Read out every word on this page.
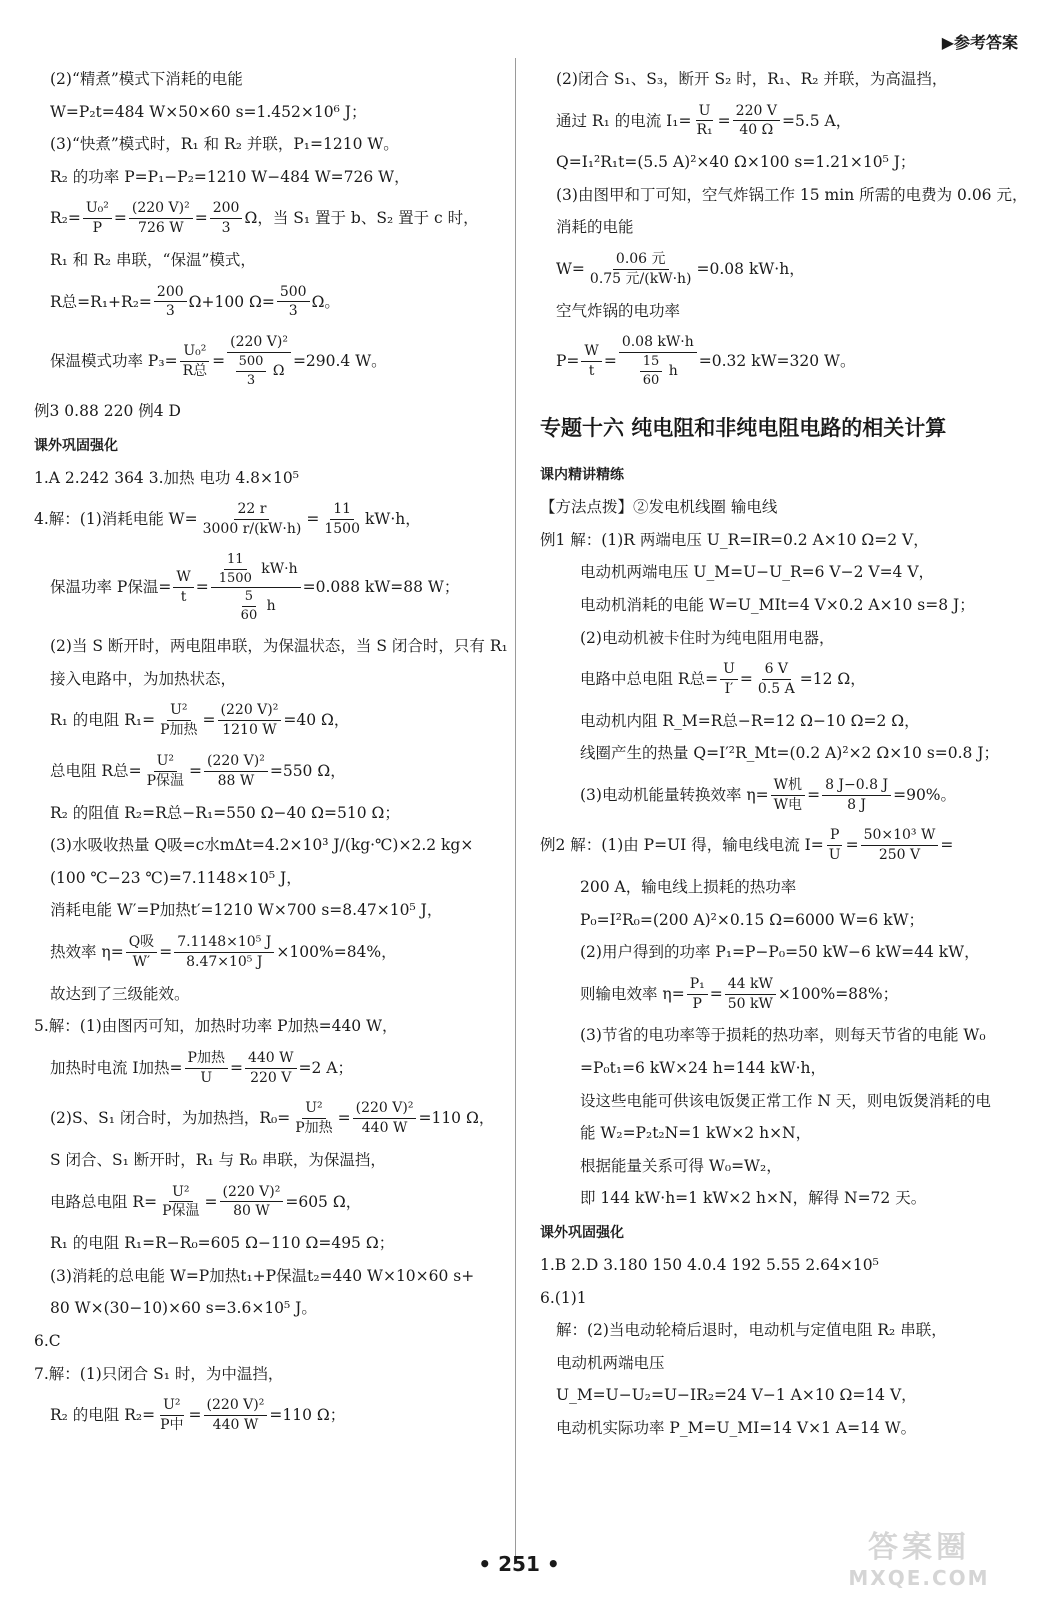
▶参考答案
(2)“精煮”模式下消耗的电能
W=P₂t=484 W×50×60 s=1.452×10⁶ J；
(3)“快煮”模式时，R₁ 和 R₂ 并联，P₁=1210 W。
R₂ 的功率 P=P₁−P₂=1210 W−484 W=726 W，
$R_2= \frac{\text{U₀²}}{P} = \frac{\text{(220 V)²}}{726 W} = \frac{200}{3}$ Ω，当 S₁ 置于 b、S₂ 置于 c 时，
R₁ 和 R₂ 串联，“保温”模式，
R总$=R_1+R_2= \frac{200}{3} \Omega+100$ $\Omega= \frac{500}{3}$ Ω。
保温模式功率 $P_3= \frac{\text{U₀²}}{\text{R总}} = \frac{\text{(220 V)²}}{\frac{500}{3} \Omega} =290.4$ W。
例3 0.88 220 例4 D
课外巩固强化
1.A 2.242 364 3.加热 电功 4.8×10⁵
4.解：(1)消耗电能 $W= \frac{22 r}{3000 r/(kW\cdot h)} = \frac{11}{1500} kW\cdot h$，
保温功率 P保温= $\frac{W}{t} = \frac{\frac{11}{1500} kW\cdot h}{\frac{5}{60} h} =0.088$ kW=88 W；
(2)当 S 断开时，两电阻串联，为保温状态，当 S 闭合时，只有 R₁
接入电路中，为加热状态，
R₁ 的电阻 $R_1= \frac{\text{U²}}{\text{P加热}} = \frac{\text{(220 V)²}}{1210 W} =40$ Ω，
总电阻 R总= $\frac{\text{U²}}{\text{P保温}} = \frac{\text{(220 V)²}}{88 W} =550$ Ω，
R₂ 的阻值 R₂=R总−R₁=550 Ω−40 Ω=510 Ω；
(3)水吸收热量 Q吸=c水mΔt=4.2×10³ J/(kg·℃)×2.2 kg×
(100 ℃−23 ℃)=7.1148×10⁵ J，
消耗电能 W′=P加热t′=1210 W×700 s=8.47×10⁵ J，
热效率 $\eta= \frac{\text{Q吸}}{W'} = \frac{\text{7.1148×10⁵ J}}{\text{8.47×10⁵ J}} \times 100\%=84\%$，
故达到了三级能效。
5.解：(1)由图丙可知，加热时功率 P加热=440 W，
加热时电流 I加热= $\frac{\text{P加热}}{U} = \frac{440 W}{220 V} =2$ A；
(2)S、S₁ 闭合时，为加热挡，$R_0= \frac{\text{U²}}{\text{P加热}} = \frac{\text{(220 V)²}}{440 W} =110$ Ω，
S 闭合、S₁ 断开时，R₁ 与 R₀ 串联，为保温挡，
电路总电阻 $R= \frac{\text{U²}}{\text{P保温}} = \frac{\text{(220 V)²}}{80 W} =605$ Ω，
R₁ 的电阻 R₁=R−R₀=605 Ω−110 Ω=495 Ω；
(3)消耗的总电能 W=P加热t₁+P保温t₂=440 W×10×60 s+
80 W×(30−10)×60 s=3.6×10⁵ J。
6.C
7.解：(1)只闭合 S₁ 时，为中温挡，
R₂ 的电阻 $R_2= \frac{\text{U²}}{\text{P中}} = \frac{\text{(220 V)²}}{440 W} =110$ Ω；
(2)闭合 S₁、S₃，断开 S₂ 时，R₁、R₂ 并联，为高温挡，
通过 R₁ 的电流 $I_1= \frac{U}{\text{R₁}} = \frac{220 V}{40 \Omega} =5.5$ A，
Q=I₁²R₁t=(5.5 A)²×40 Ω×100 s=1.21×10⁵ J；
(3)由图甲和丁可知，空气炸锅工作 15 min 所需的电费为 0.06 元，
消耗的电能
$W= \frac{\text{0.06 元}}{\text{0.75 元/(kW·h)}} =0.08$ kW·h，
空气炸锅的电功率
$P= \frac{W}{t} = \frac{0.08 kW\cdot h}{\frac{15}{60} h} =0.32$ kW=320 W。
专题十六 纯电阻和非纯电阻电路的相关计算
课内精讲精练
【方法点拨】②发电机线圈 输电线
例1 解：(1)R 两端电压 U_R=IR=0.2 A×10 Ω=2 V，
电动机两端电压 U_M=U−U_R=6 V−2 V=4 V，
电动机消耗的电能 W=U_MIt=4 V×0.2 A×10 s=8 J；
(2)电动机被卡住时为纯电阻用电器，
电路中总电阻 R总= $\frac{U}{I'} = \frac{6 V}{0.5 A} =12$ Ω，
电动机内阻 R_M=R总−R=12 Ω−10 Ω=2 Ω，
线圈产生的热量 Q=I′²R_Mt=(0.2 A)²×2 Ω×10 s=0.8 J；
(3)电动机能量转换效率 $\eta= \frac{\text{W机}}{\text{W电}} = \frac{8 J-0.8 J}{8 J} =90\%$。
例2 解：(1)由 P=UI 得，输电线电流 $I= \frac{P}{U} = \frac{\text{50×10³ W}}{250 V}$ =
200 A，输电线上损耗的热功率
P₀=I²R₀=(200 A)²×0.15 Ω=6000 W=6 kW；
(2)用户得到的功率 P₁=P−P₀=50 kW−6 kW=44 kW，
则输电效率 $\eta= \frac{\text{P₁}}{P} = \frac{44 kW}{50 kW} \times 100\%=88\%$；
(3)节省的电功率等于损耗的热功率，则每天节省的电能 W₀
=P₀t₁=6 kW×24 h=144 kW·h，
设这些电能可供该电饭煲正常工作 N 天，则电饭煲消耗的电
能 W₂=P₂t₂N=1 kW×2 h×N，
根据能量关系可得 W₀=W₂，
即 144 kW·h=1 kW×2 h×N，解得 N=72 天。
课外巩固强化
1.B 2.D 3.180 150 4.0.4 192 5.55 2.64×10⁵
6.(1)1
解：(2)当电动轮椅后退时，电动机与定值电阻 R₂ 串联，
电动机两端电压
U_M=U−U₂=U−IR₂=24 V−1 A×10 Ω=14 V，
电动机实际功率 P_M=U_MI=14 V×1 A=14 W。
• 251 •	答案圈
MXQE.COM
